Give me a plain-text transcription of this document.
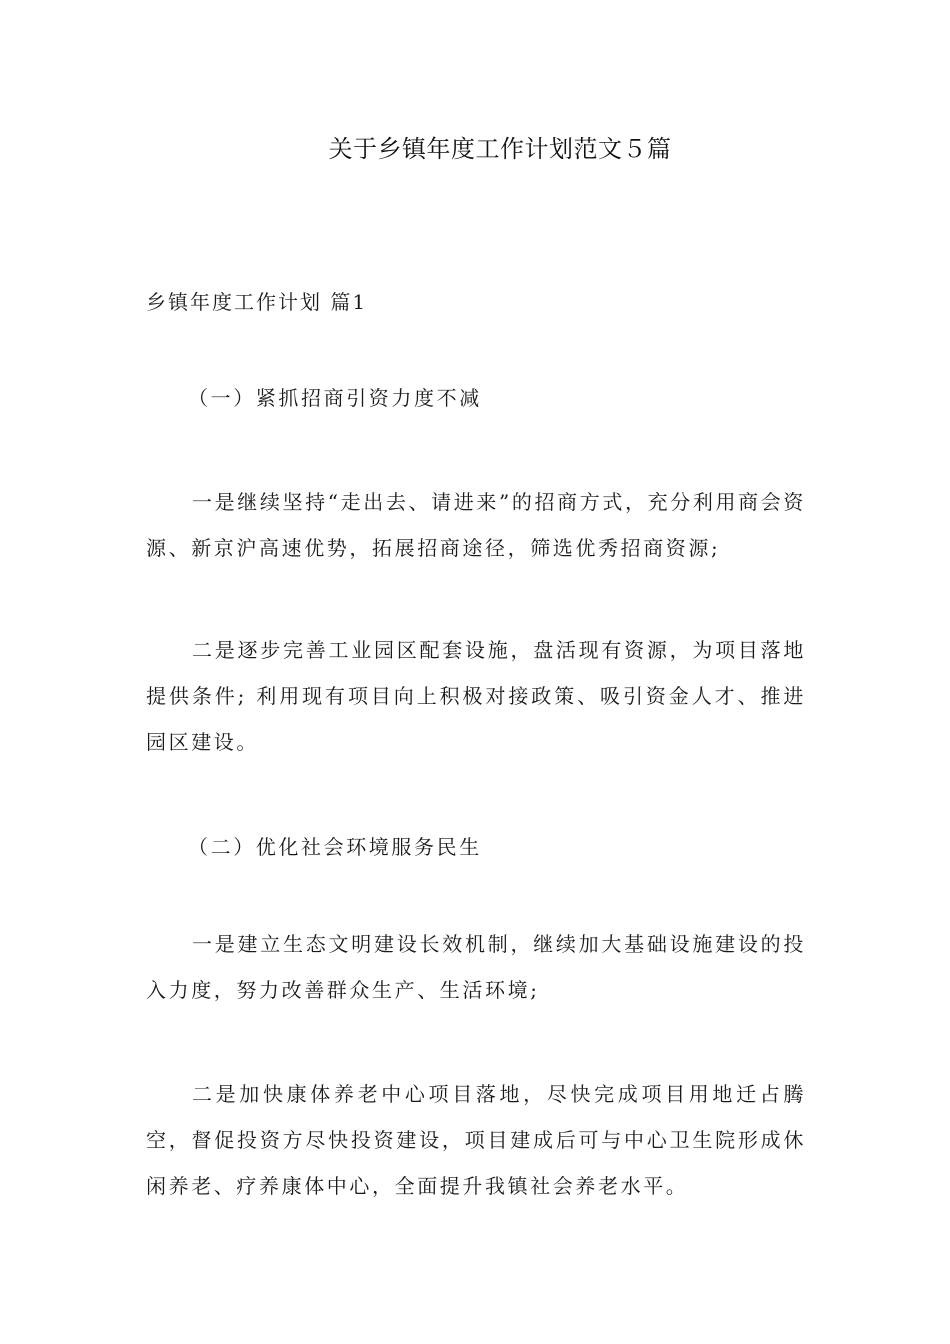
关于乡镇年度工作计划范文５篇
乡镇年度工作计划 篇1
（一）紧抓招商引资力度不减

一是继续坚持“走出去、请进来”的招商方式，充分利用商会资源、新京沪高速优势，拓展招商途径，筛选优秀招商资源;

二是逐步完善工业园区配套设施，盘活现有资源，为项目落地提供条件; 利用现有项目向上积极对接政策、吸引资金人才、推进园区建设。

（二）优化社会环境服务民生

一是建立生态文明建设长效机制，继续加大基础设施建设的投入力度，努力改善群众生产、生活环境;

二是加快康体养老中心项目落地，尽快完成项目用地迁占腾空，督促投资方尽快投资建设，项目建成后可与中心卫生院形成休闲养老、疗养康体中心，全面提升我镇社会养老水平。
